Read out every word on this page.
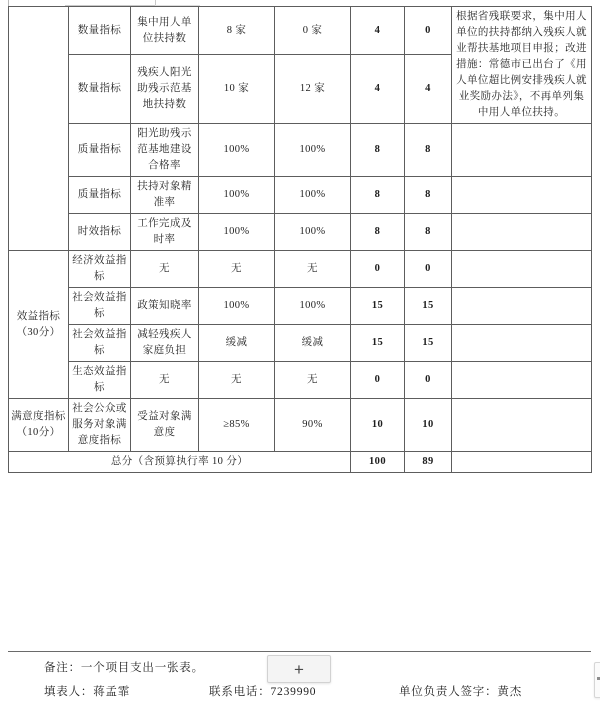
	数量指标	集中用人单位扶持数	8 家	0 家	4	0	根据省残联要求，集中用人单位的扶持都纳入残疾人就业帮扶基地项目申报；改进措施：常德市已出台了《用人单位超比例安排残疾人就业奖励办法》，不再单列集中用人单位扶持。
	数量指标	残疾人阳光助残示范基地扶持数	10 家	12 家	4	4	
	质量指标	阳光助残示范基地建设合格率	100%	100%	8	8	
	质量指标	扶持对象精准率	100%	100%	8	8	
	时效指标	工作完成及时率	100%	100%	8	8	
效益指标（30分）	经济效益指标	无	无	无	0	0	
	社会效益指标	政策知晓率	100%	100%	15	15	
	社会效益指标	减轻残疾人家庭负担	缓减	缓减	15	15	
	生态效益指标	无	无	无	0	0	
满意度指标（10分）	社会公众或服务对象满意度指标	受益对象满意度	≥85%	90%	10	10	
总分（含预算执行率 10 分）					100	89	
备注：一个项目支出一张表。
填表人：蒋孟霏	联系电话：7239990	单位负责人签字：黄杰
+
